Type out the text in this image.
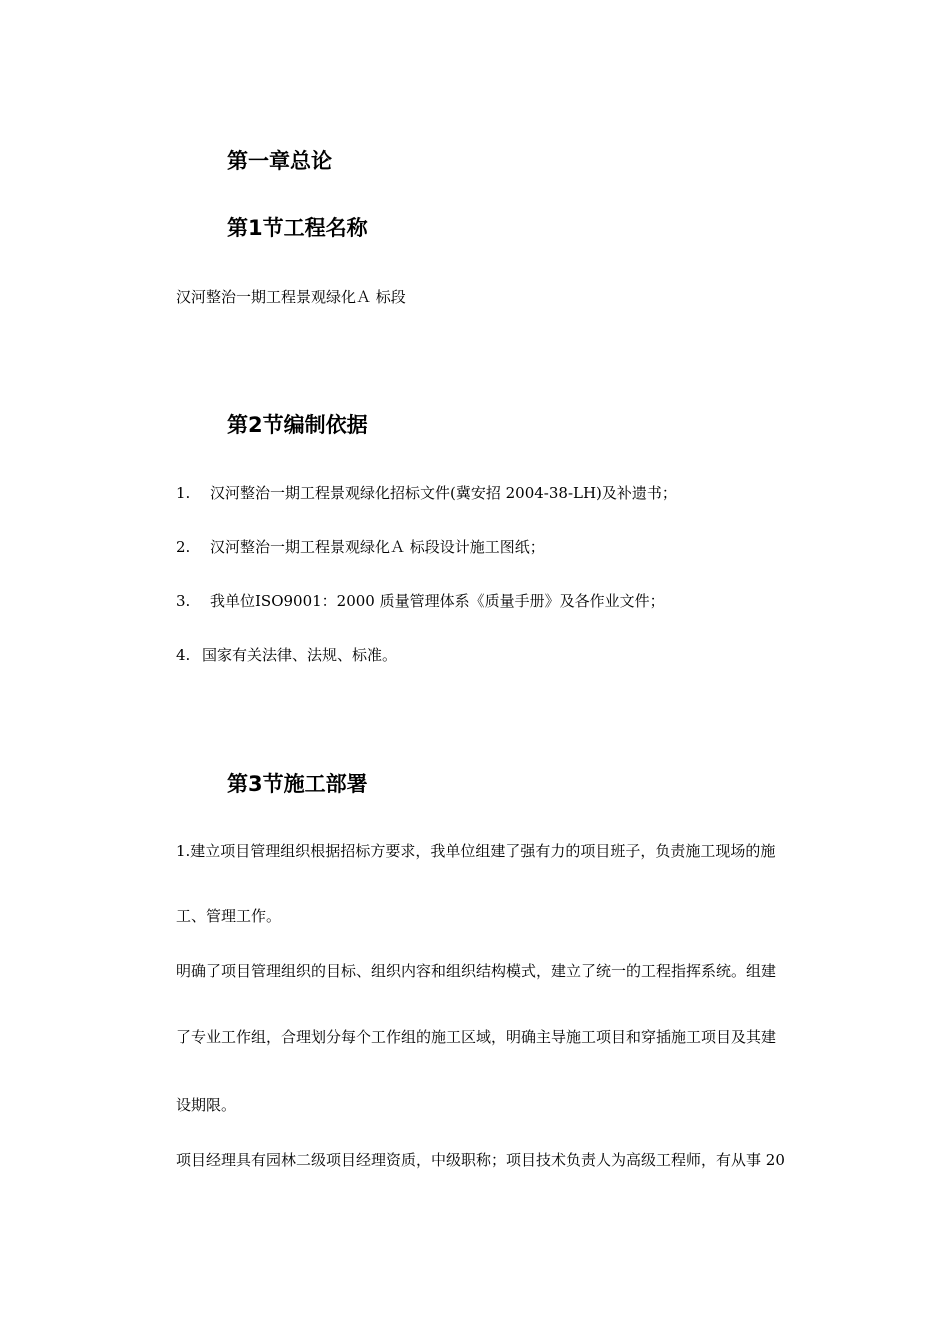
第一章总论
第1节工程名称

汉河整治一期工程景观绿化Ａ 标段

第2节编制依据

1. 汉河整治一期工程景观绿化招标文件(冀安招 2004-38-LH)及补遗书；

2. 汉河整治一期工程景观绿化Ａ 标段设计施工图纸；

3. 我单位ISO9001：2000 质量管理体系《质量手册》及各作业文件；

4. 国家有关法律、法规、标准。

第3节施工部署

1.建立项目管理组织根据招标方要求，我单位组建了强有力的项目班子，负责施工现场的施

工、管理工作。

明确了项目管理组织的目标、组织内容和组织结构模式，建立了统一的工程指挥系统。组建

了专业工作组，合理划分每个工作组的施工区域，明确主导施工项目和穿插施工项目及其建

设期限。

项目经理具有园林二级项目经理资质，中级职称；项目技术负责人为高级工程师，有从事 20
